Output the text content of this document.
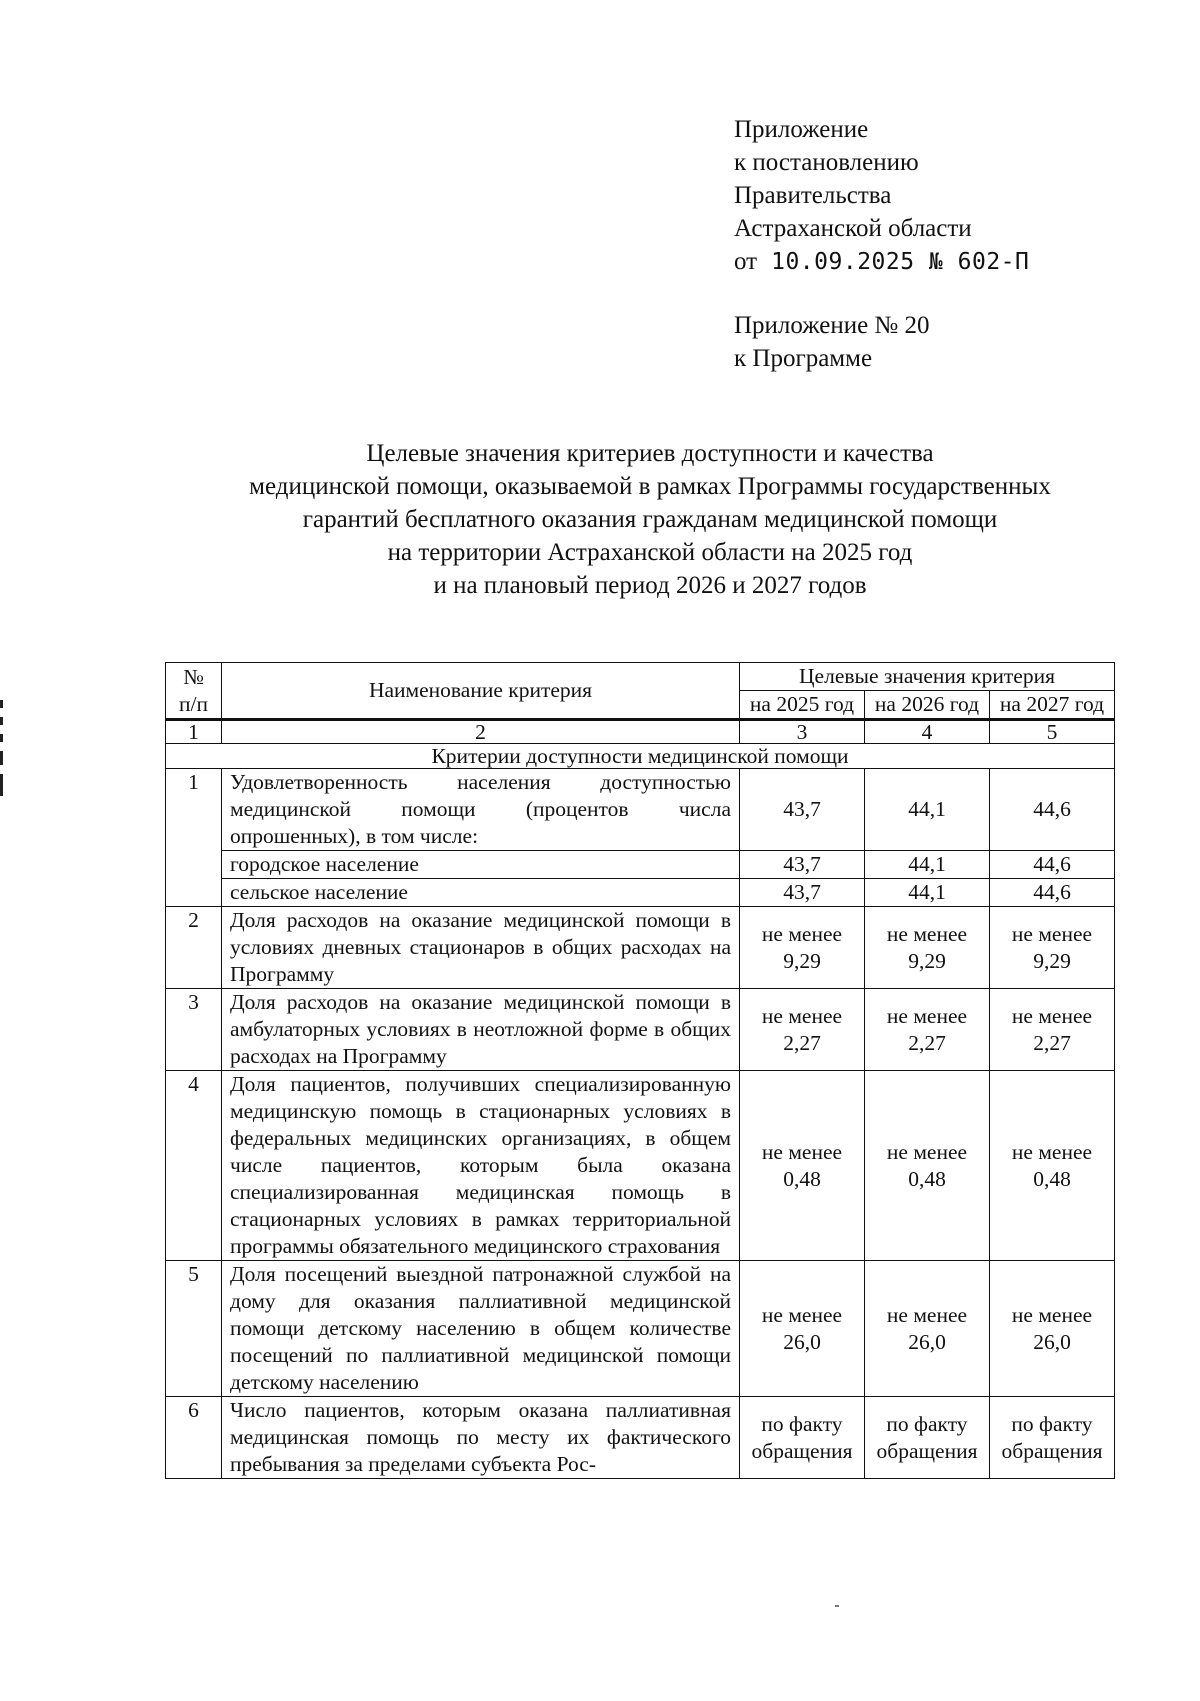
Приложение
к постановлению
Правительства
Астраханской области
от 10.09.2025 № 602-П
Приложение № 20
к Программе
Целевые значения критериев доступности и качества
медицинской помощи, оказываемой в рамках Программы государственных
гарантий бесплатного оказания гражданам медицинской помощи
на территории Астраханской области на 2025 год
и на плановый период 2026 и 2027 годов
№ п/п	Наименование критерия	Целевые значения критерия		
		на 2025 год	на 2026 год	на 2027 год
1	2	3	4	5
Критерии доступности медицинской помощи				
1	Удовлетворенность населения доступностью медицинской помощи (процентов числа опрошенных), в том числе:	43,7	44,1	44,6
	городское население	43,7	44,1	44,6
	сельское население	43,7	44,1	44,6
2	Доля расходов на оказание медицинской помощи в условиях дневных стационаров в общих расходах на Программу	не менее 9,29	не менее 9,29	не менее 9,29
3	Доля расходов на оказание медицинской помощи в амбулаторных условиях в неотложной форме в общих расходах на Программу	не менее 2,27	не менее 2,27	не менее 2,27
4	Доля пациентов, получивших специализированную медицинскую помощь в стационарных условиях в федеральных медицинских организациях, в общем числе пациентов, которым была оказана специализированная медицинская помощь в стационарных условиях в рамках территориальной программы обязательного медицинского страхования	не менее 0,48	не менее 0,48	не менее 0,48
5	Доля посещений выездной патронажной службой на дому для оказания паллиативной медицинской помощи детскому населению в общем количестве посещений по паллиативной медицинской помощи детскому населению	не менее 26,0	не менее 26,0	не менее 26,0
6	Число пациентов, которым оказана паллиативная медицинская помощь по месту их фактического пребывания за пределами субъекта Рос-	по факту обращения	по факту обращения	по факту обращения
